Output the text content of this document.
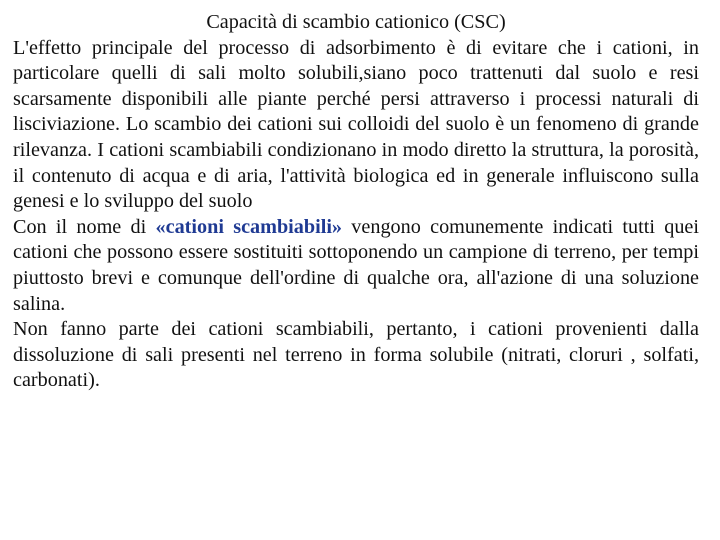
Capacità di scambio cationico (CSC)

L'effetto principale del processo di adsorbimento è di evitare che i cationi, in particolare quelli di sali molto solubili,siano poco trattenuti dal suolo e resi scarsamente disponibili alle piante perché persi attraverso i processi naturali di lisciviazione. Lo scambio dei cationi sui colloidi del suolo è un fenomeno di grande rilevanza. I cationi scambiabili condizionano in modo diretto la struttura, la porosità, il contenuto di acqua e di aria, l'attività biologica ed in generale influiscono sulla genesi e lo sviluppo del suolo

Con il nome di «cationi scambiabili» vengono comunemente indicati tutti quei cationi che possono essere sostituiti sottoponendo un campione di terreno, per tempi piuttosto brevi e comunque dell'ordine di qualche ora, all'azione di una soluzione salina.

Non fanno parte dei cationi scambiabili, pertanto, i cationi provenienti dalla dissoluzione di sali presenti nel terreno in forma solubile (nitrati, cloruri , solfati, carbonati).
